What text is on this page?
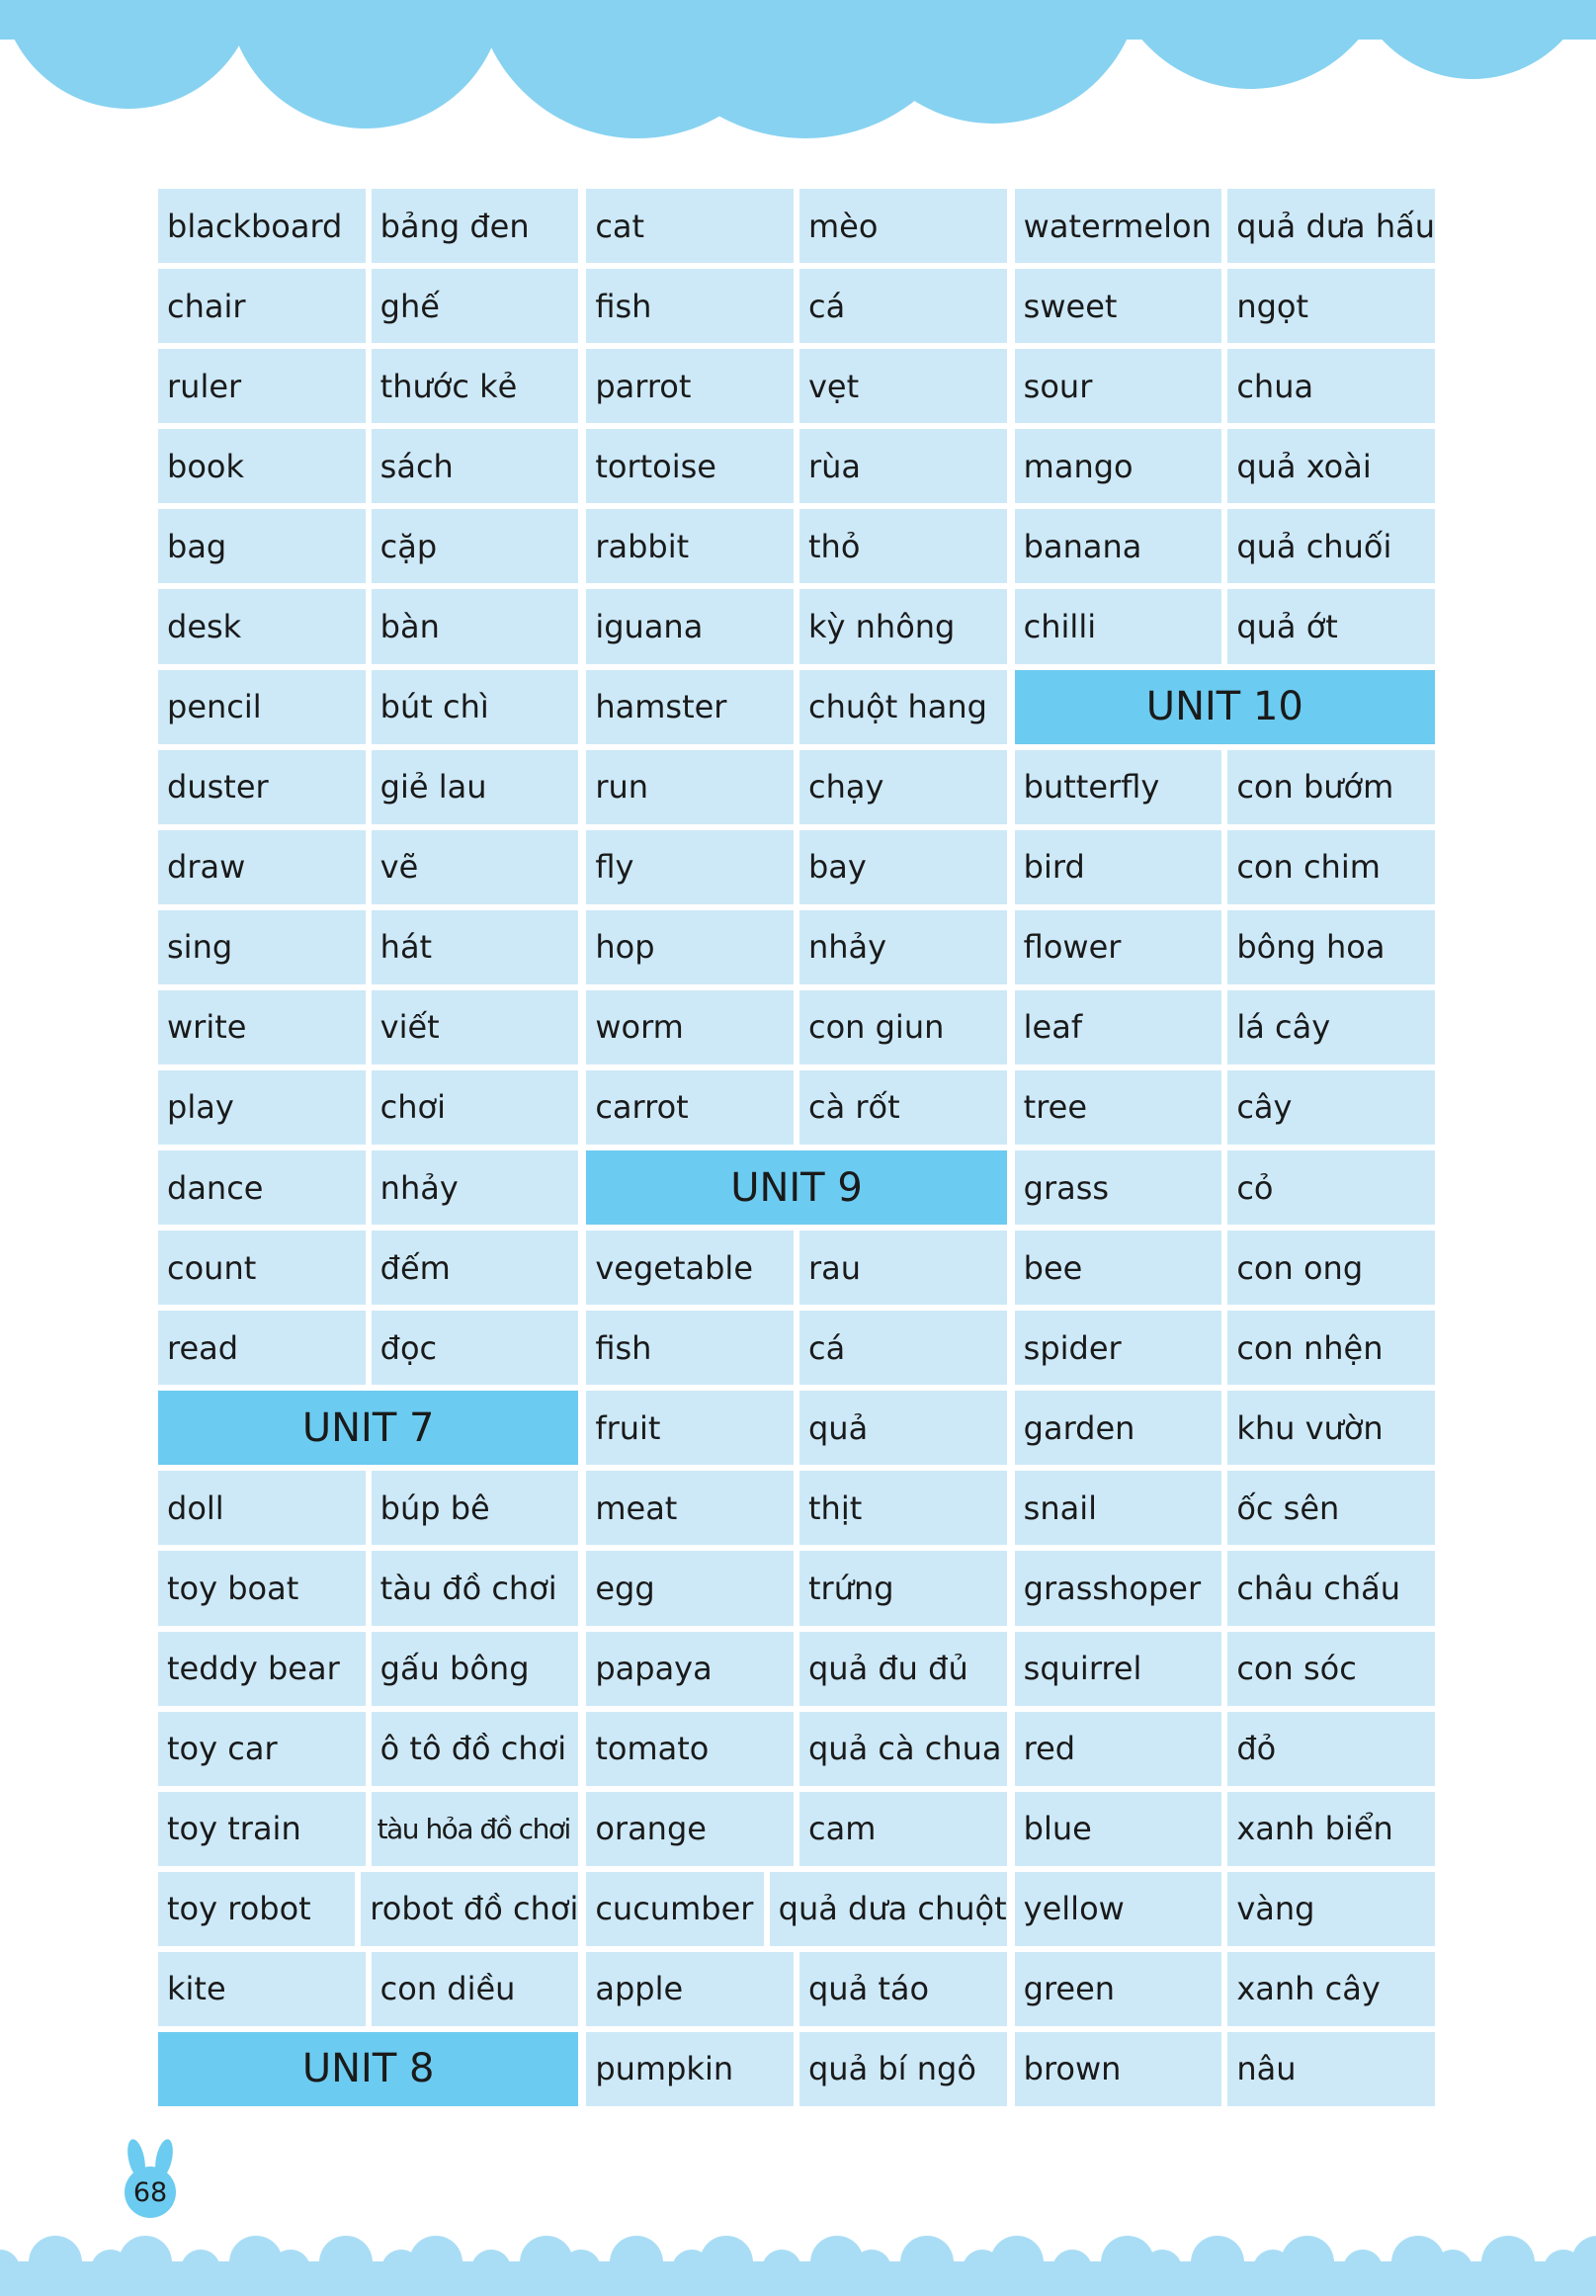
blackboard	bảng đen
chair	ghế
ruler	thước kẻ
book	sách
bag	cặp
desk	bàn
pencil	bút chì
duster	giẻ lau
draw	vẽ
sing	hát
write	viết
play	chơi
dance	nhảy
count	đếm
read	đọc
UNIT 7
doll	búp bê
toy boat	tàu đồ chơi
teddy bear	gấu bông
toy car	ô tô đồ chơi
toy train	tàu hỏa đồ chơi
toy robot	robot đồ chơi
kite	con diều
UNIT 8
cat	mèo
fish	cá
parrot	vẹt
tortoise	rùa
rabbit	thỏ
iguana	kỳ nhông
hamster	chuột hang
run	chạy
fly	bay
hop	nhảy
worm	con giun
carrot	cà rốt
UNIT 9
vegetable	rau
fish	cá
fruit	quả
meat	thịt
egg	trứng
papaya	quả đu đủ
tomato	quả cà chua
orange	cam
cucumber quả dưa chuột
apple	quả táo
pumpkin	quả bí ngô
watermelon quả dưa hấu
sweet	ngọt
sour	chua
mango	quả xoài
banana	quả chuối
chilli	quả ớt
UNIT 10
butterfly	con bướm
bird	con chim
flower	bông hoa
leaf	lá cây
tree	cây
grass	cỏ
bee	con ong
spider	con nhện
garden	khu vườn
snail	ốc sên
grasshoper	châu chấu
squirrel	con sóc
red	đỏ
blue	xanh biển
yellow	vàng
green	xanh cây
brown	nâu
68
